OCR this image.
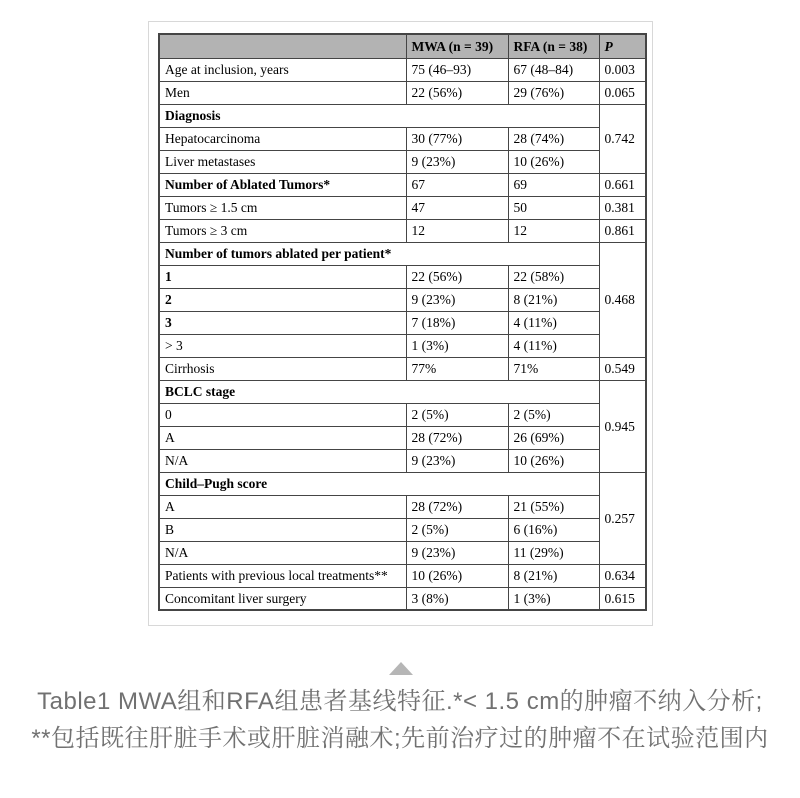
	MWA (n = 39)	RFA (n = 38)	P
Age at inclusion, years	75 (46–93)	67 (48–84)	0.003
Men	22 (56%)	29 (76%)	0.065
Diagnosis			0.742
Hepatocarcinoma	30 (77%)	28 (74%)	
Liver metastases	9 (23%)	10 (26%)	
Number of Ablated Tumors*	67	69	0.661
Tumors ≥ 1.5 cm	47	50	0.381
Tumors ≥ 3 cm	12	12	0.861
Number of tumors ablated per patient*			0.468
1	22 (56%)	22 (58%)	
2	9 (23%)	8 (21%)	
3	7 (18%)	4 (11%)	
> 3	1 (3%)	4 (11%)	
Cirrhosis	77%	71%	0.549
BCLC stage			0.945
0	2 (5%)	2 (5%)	
A	28 (72%)	26 (69%)	
N/A	9 (23%)	10 (26%)	
Child–Pugh score			0.257
A	28 (72%)	21 (55%)	
B	2 (5%)	6 (16%)	
N/A	9 (23%)	11 (29%)	
Patients with previous local treatments**	10 (26%)	8 (21%)	0.634
Concomitant liver surgery	3 (8%)	1 (3%)	0.615
Table1 MWA组和RFA组患者基线特征.*< 1.5 cm的肿瘤不纳入分析;
**包括既往肝脏手术或肝脏消融术;先前治疗过的肿瘤不在试验范围内
